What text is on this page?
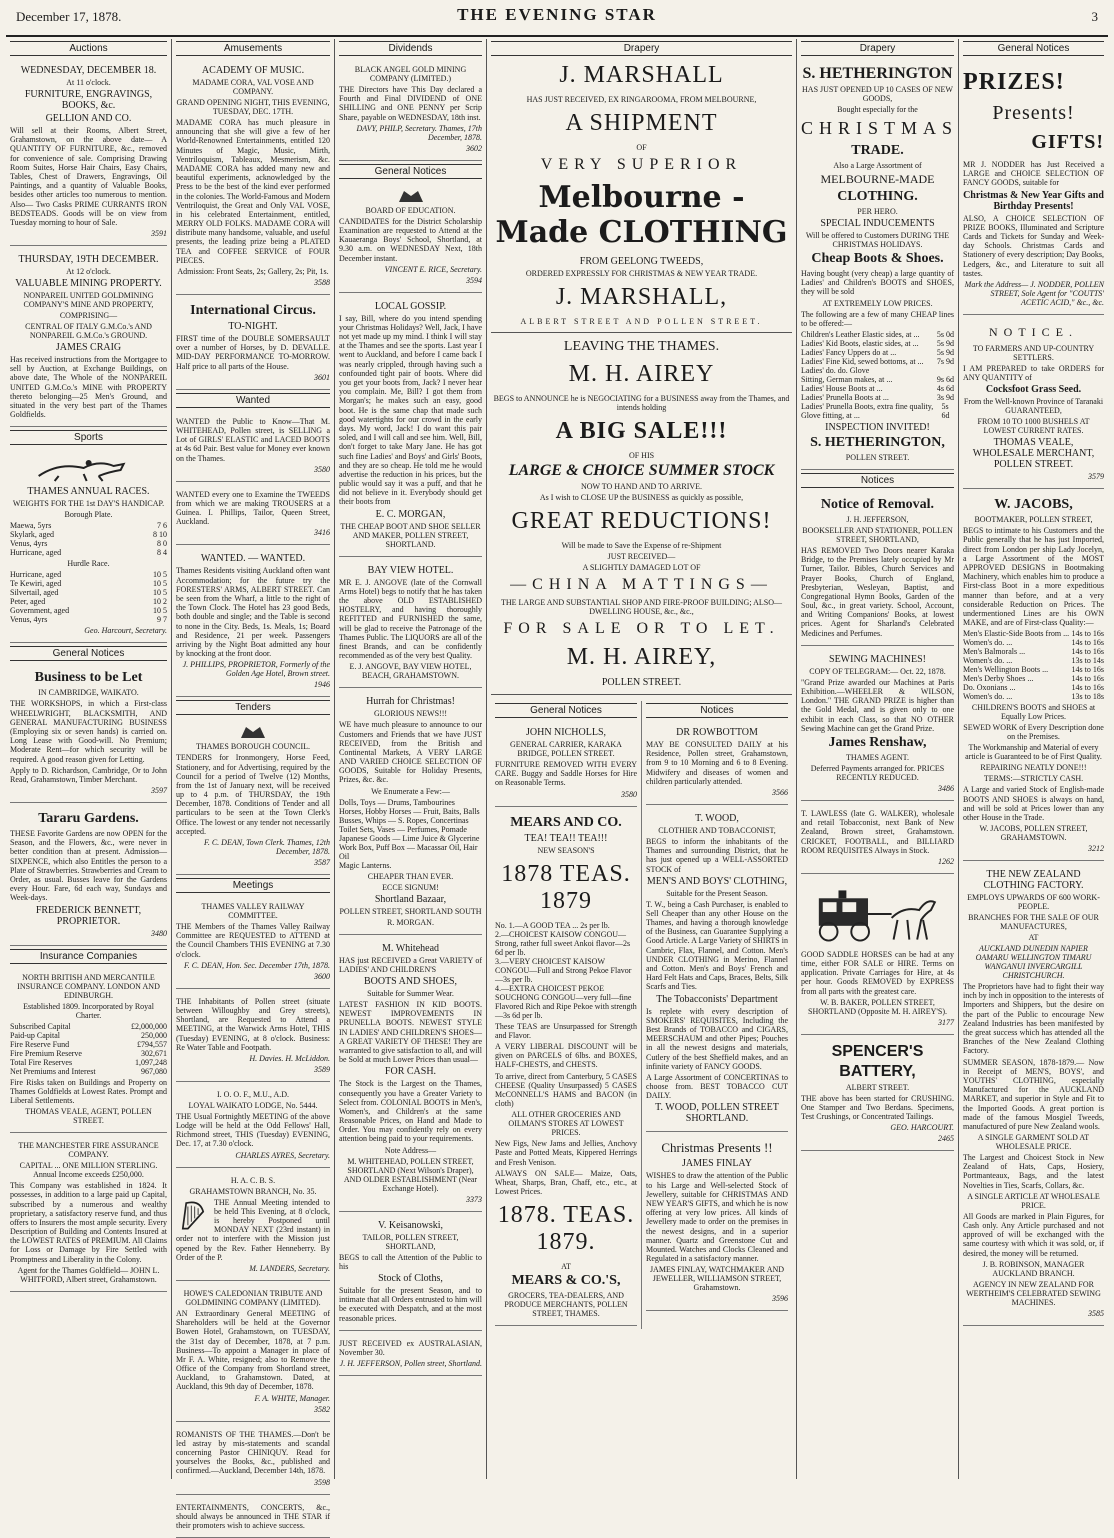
December 17, 1878.	THE EVENING STAR	3
Auctions
WEDNESDAY, DECEMBER 18.
At 11 o'clock.
FURNITURE, ENGRAVINGS, BOOKS, &c.
GELLION AND CO.

Will sell at their Rooms, Albert Street, Grahamstown, on the above date— A QUANTITY OF FURNITURE, &c., removed for convenience of sale. Comprising Drawing Room Suites, Horse Hair Chairs, Easy Chairs, Tables, Chest of Drawers, Engravings, Oil Paintings, and a quantity of Valuable Books, besides other articles too numerous to mention. Also— Two Casks PRIME CURRANTS IRON BEDSTEADS. Goods will be on view from Tuesday morning to hour of Sale.

3591
THURSDAY, 19TH DECEMBER.
At 12 o'clock.
VALUABLE MINING PROPERTY.
NONPAREIL UNITED GOLDMINING COMPANY'S MINE AND PROPERTY,
COMPRISING—
CENTRAL OF ITALY G.M.Co.'s AND NONPAREIL G.M.Co.'s GROUND.
JAMES CRAIG

Has received instructions from the Mortgagee to sell by Auction, at Exchange Buildings, on above date, The Whole of the NONPAREIL UNITED G.M.Co.'s MINE with PROPERTY thereto belonging—25 Men's Ground, and situated in the very best part of the Thames Goldfields.

Sports
THAMES ANNUAL RACES.
WEIGHTS FOR THE 1st DAY'S HANDICAP.
Borough Plate.
Maewa, 5yrs	7 6
Skylark, aged	8 10
Venus, 4yrs	8 0
Hurricane, aged	8 4
Hurdle Race.
Hurricane, aged	10 5
Te Kewiri, aged	10 5
Silvertail, aged	10 5
Peter, aged	10 2
Government, aged	10 5
Venus, 4yrs	9 7
Geo. Harcourt, Secretary.
General Notices
Business to be Let
IN CAMBRIDGE, WAIKATO.

THE WORKSHOPS, in which a First-class WHEELWRIGHT, BLACKSMITH, AND GENERAL MANUFACTURING BUSINESS (Employing six or seven hands) is carried on. Long Lease with Good-will. No Premium; Moderate Rent—for which security will be required. A good reason given for Letting.

Apply to D. Richardson, Cambridge, Or to John Read, Grahamstown, Timber Merchant.

3597
Tararu Gardens.

THESE Favorite Gardens are now OPEN for the Season, and the Flowers, &c., were never in better condition than at present. Admission—SIXPENCE, which also Entitles the person to a Plate of Strawberries. Strawberries and Cream to Order, as usual. Busses leave for the Gardens every Hour. Fare, 6d each way, Sundays and Week-days.

FREDERICK BENNETT, PROPRIETOR.
3480
Insurance Companies
NORTH BRITISH AND MERCANTILE INSURANCE COMPANY. LONDON AND EDINBURGH.
Established 1809. Incorporated by Royal Charter.
Subscribed Capital	£2,000,000
Paid-up Capital	250,000
Fire Reserve Fund	£794,557
Fire Premium Reserve	302,671
Total Fire Reserves	1,097,248
Net Premiums and Interest	967,080

Fire Risks taken on Buildings and Property on Thames Goldfields at Lowest Rates. Prompt and Liberal Settlements.

THOMAS VEALE, AGENT, POLLEN STREET.
THE MANCHESTER FIRE ASSURANCE COMPANY.
CAPITAL ... ONE MILLION STERLING. Annual Income exceeds £250,000.

This Company was established in 1824. It possesses, in addition to a large paid up Capital, subscribed by a numerous and wealthy proprietary, a satisfactory reserve fund, and thus offers to Insurers the most ample security. Every Description of Building and Contents Insured at the LOWEST RATES of PREMIUM. All Claims for Loss or Damage by Fire Settled with Promptness and Liberality in the Colony.

Agent for the Thames Goldfield— JOHN L. WHITFORD, Albert street, Grahamstown.
Amusements
ACADEMY OF MUSIC.
MADAME CORA, VAL VOSE AND COMPANY.
GRAND OPENING NIGHT, THIS EVENING, TUESDAY, DEC. 17TH.

MADAME CORA has much pleasure in announcing that she will give a few of her World-Renowned Entertainments, entitled 120 Minutes of Magic, Music, Mirth, Ventriloquism, Tableaux, Mesmerism, &c. MADAME CORA has added many new and beautiful experiments, acknowledged by the Press to be the best of the kind ever performed in the colonies. The World-Famous and Modern Ventriloquist, the Great and Only VAL VOSE, in his celebrated Entertainment, entitled, MERRY OLD FOLKS. MADAME CORA will distribute many handsome, valuable, and useful presents, the leading prize being a PLATED TEA and COFFEE SERVICE of FOUR PIECES.

Admission: Front Seats, 2s; Gallery, 2s; Pit, 1s.
3588
International Circus.
TO-NIGHT.

FIRST time of the DOUBLE SOMERSAULT over a number of Horses, by D. DEVALLE. MID-DAY PERFORMANCE TO-MORROW. Half price to all parts of the House.

3601
Wanted

WANTED the Public to Know—That M. WHITEHEAD, Pollen street, is SELLING a Lot of GIRLS' ELASTIC and LACED BOOTS at 4s 6d Pair. Best value for Money ever known on the Thames.

3580

WANTED every one to Examine the TWEEDS from which we are making TROUSERS at a Guinea. I. Phillips, Tailor, Queen Street, Auckland.

3416
WANTED. — WANTED.

Thames Residents visiting Auckland often want Accommodation; for the future try the FORESTERS' ARMS, ALBERT STREET. Can be seen from the Wharf, a little to the right of the Town Clock. The Hotel has 23 good Beds, both double and single; and the Table is second to none in the City. Beds, 1s. Meals, 1s; Board and Residence, 21 per week. Passengers arriving by the Night Boat admitted any hour by knocking at the front door.

J. PHILLIPS, PROPRIETOR, Formerly of the Golden Age Hotel, Brown street.
1946
Tenders
THAMES BOROUGH COUNCIL.

TENDERS for Ironmongery, Horse Feed, Stationery, and for Advertising, required by the Council for a period of Twelve (12) Months, from the 1st of January next, will be received up to 4 p.m. of THURSDAY, the 19th December, 1878. Conditions of Tender and all particulars to be seen at the Town Clerk's Office. The lowest or any tender not necessarily accepted.

F. C. DEAN, Town Clerk. Thames, 12th December, 1878.
3587
Meetings
THAMES VALLEY RAILWAY COMMITTEE.

THE Members of the Thames Valley Railway Committee are REQUESTED to ATTEND at the Council Chambers THIS EVENING at 7.30 o'clock.

F. C. DEAN, Hon. Sec. December 17th, 1878.
3600

THE Inhabitants of Pollen street (situate between Willoughby and Grey streets), Shortland, are Requested to Attend a MEETING, at the Warwick Arms Hotel, THIS (Tuesday) EVENING, at 8 o'clock. Business: Re Water Table and Footpath.

H. Davies. H. McLiddon.
3589
I. O. O. F., M.U., A.D.
LOYAL WAIKATO LODGE, No. 5444.

THE Usual Fortnightly MEETING of the above Lodge will be held at the Odd Fellows' Hall, Richmond street, THIS (Tuesday) EVENING, Dec. 17, at 7.30 o'clock.

CHARLES AYRES, Secretary.
H. A. C. B. S.
GRAHAMSTOWN BRANCH, No. 35.

THE Annual Meeting intended to be held This Evening, at 8 o'clock, is hereby Postponed until MONDAY NEXT (23rd instant) in order not to interfere with the Mission just opened by the Rev. Father Henneberry. By Order of the P.

M. LANDERS, Secretary.
HOWE'S CALEDONIAN TRIBUTE AND GOLDMINING COMPANY (LIMITED).

AN Extraordinary General MEETING of Shareholders will be held at the Governor Bowen Hotel, Grahamstown, on TUESDAY, the 31st day of December, 1878, at 7 p.m. Business—To appoint a Manager in place of Mr F. A. White, resigned; also to Remove the Office of the Company from Shortland street, Auckland, to Grahamstown. Dated, at Auckland, this 9th day of December, 1878.

F. A. WHITE, Manager.
3582

ROMANISTS OF THE THAMES.—Don't be led astray by mis-statements and scandal concerning Pastor CHINIQUY. Read for yourselves the Books, &c., published and confirmed.—Auckland, December 14th, 1878.

3598

ENTERTAINMENTS, CONCERTS, &c., should always be announced in THE STAR if their promoters wish to achieve success.

Dividends
BLACK ANGEL GOLD MINING COMPANY (LIMITED.)

THE Directors have This Day declared a Fourth and Final DIVIDEND of ONE SHILLING and ONE PENNY per Scrip Share, payable on WEDNESDAY, 18th inst.

DAVY, PHILP, Secretary. Thames, 17th December, 1878.
3602
General Notices
BOARD OF EDUCATION.

CANDIDATES for the District Scholarship Examination are requested to Attend at the Kauaeranga Boys' School, Shortland, at 9.30 a.m. on WEDNESDAY Next, 18th December instant.

VINCENT E. RICE, Secretary.
3594
LOCAL GOSSIP.

I say, Bill, where do you intend spending your Christmas Holidays? Well, Jack, I have not yet made up my mind. I think I will stay at the Thames and see the sports. Last year I went to Auckland, and before I came back I was nearly crippled, through having such a confounded tight pair of boots. Where did you get your boots from, Jack? I never hear you complain. Me, Bill? I got them from Morgan's; he makes such an easy, good boot. He is the same chap that made such good watertights for our crowd in the early days. My word, Jack! I do want this pair soled, and I will call and see him. Well, Bill, don't forget to take Mary Jane. He has got such fine Ladies' and Boys' and Girls' Boots, and they are so cheap. He told me he would advertise the reduction in his prices, but the public would say it was a puff, and that he did not believe in it. Everybody should get their boots from

E. C. MORGAN,
THE CHEAP BOOT AND SHOE SELLER AND MAKER, POLLEN STREET, SHORTLAND.
BAY VIEW HOTEL.

MR E. J. ANGOVE (late of the Cornwall Arms Hotel) begs to notify that he has taken the above OLD ESTABLISHED HOSTELRY, and having thoroughly REFITTED and FURNISHED the same, will be glad to receive the Patronage of the Thames Public. The LIQUORS are all of the finest Brands, and can be confidently recommended as of the very best Quality.

E. J. ANGOVE, BAY VIEW HOTEL, BEACH, GRAHAMSTOWN.
Hurrah for Christmas!
GLORIOUS NEWS!!!

WE have much pleasure to announce to our Customers and Friends that we have JUST RECEIVED, from the British and Continental Markets, A VERY LARGE AND VARIED CHOICE SELECTION OF GOODS, Suitable for Holiday Presents, Prizes, &c. &c.

We Enumerate a Few:—
Dolls, Toys — Drums, Tambourines
Horses, Hobby Horses — Fruit, Baits, Balls
Busses, Whips — S. Ropes, Concertinas
Toilet Sets, Vases — Perfumes, Pomade
Japanese Goods — Lime Juice & Glycerine
Work Box, Puff Box — Macassar Oil, Hair Oil
Magic Lanterns.
CHEAPER THAN EVER.
ECCE SIGNUM!
Shortland Bazaar,
POLLEN STREET, SHORTLAND SOUTH
R. MORGAN.
M. Whitehead

HAS just RECEIVED a Great VARIETY of LADIES' AND CHILDREN'S

BOOTS AND SHOES,
Suitable for Summer Wear.

LATEST FASHION IN KID BOOTS. NEWEST IMPROVEMENTS IN PRUNELLA BOOTS. NEWEST STYLE IN LADIES' AND CHILDREN'S SHOES—A GREAT VARIETY OF THESE! They are warranted to give satisfaction to all, and will be Sold at much Lower Prices than usual—

FOR CASH.

The Stock is the Largest on the Thames, consequently you have a Greater Variety to Select from. COLONIAL BOOTS in Men's, Women's, and Children's at the same Reasonable Prices, on Hand and Made to Order. You may confidently rely on every attention being paid to your requirements.

Note Address—
M. WHITEHEAD, POLLEN STREET, SHORTLAND (Next Wilson's Draper), AND OLDER ESTABLISHMENT (Near Exchange Hotel).
3373
V. Keisanowski,
TAILOR, POLLEN STREET, SHORTLAND,

BEGS to call the Attention of the Public to his

Stock of Cloths,

Suitable for the present Season, and to intimate that all Orders entrusted to him will be executed with Despatch, and at the most reasonable prices.

JUST RECEIVED ex AUSTRALASIAN, November 30.

J. H. JEFFERSON, Pollen street, Shortland.
Drapery
J. MARSHALL
HAS JUST RECEIVED, EX RINGAROOMA, FROM MELBOURNE,
A SHIPMENT
OF
VERY SUPERIOR
Melbourne - Made CLOTHING
FROM GEELONG TWEEDS,
ORDERED EXPRESSLY FOR CHRISTMAS & NEW YEAR TRADE.
J. MARSHALL,
ALBERT STREET AND POLLEN STREET.
LEAVING THE THAMES.
M. H. AIREY
BEGS to ANNOUNCE he is NEGOCIATING for a BUSINESS away from the Thames, and intends holding
A BIG SALE!!!
OF HIS
LARGE & CHOICE SUMMER STOCK
NOW TO HAND AND TO ARRIVE.
As I wish to CLOSE UP the BUSINESS as quickly as possible,
GREAT REDUCTIONS!
Will be made to Save the Expense of re-Shipment
JUST RECEIVED—
A SLIGHTLY DAMAGED LOT OF
—CHINA MATTINGS—
THE LARGE AND SUBSTANTIAL SHOP AND FIRE-PROOF BUILDING; ALSO—DWELLING HOUSE, &c., &c.,
FOR SALE OR TO LET.
M. H. AIREY,
POLLEN STREET.
General Notices
JOHN NICHOLLS,
GENERAL CARRIER, KARAKA BRIDGE, POLLEN STREET.

FURNITURE REMOVED WITH EVERY CARE. Buggy and Saddle Horses for Hire on Reasonable Terms.

3580
MEARS AND CO.
TEA! TEA!! TEA!!!
NEW SEASON'S
1878 TEAS. 1879
No. 1.—A GOOD TEA ... 2s per lb.
2.—CHOICEST KAISOW CONGOU—Strong, rather full sweet Ankoi flavor—2s 6d per lb.
3.—VERY CHOICEST KAISOW CONGOU—Full and Strong Pekoe Flavor—3s per lb.
4.—EXTRA CHOICEST PEKOE SOUCHONG CONGOU—very full—fine Flavored Rich and Ripe Pekoe with strength—3s 6d per lb.

These TEAS are Unsurpassed for Strength and Flavor.

A VERY LIBERAL DISCOUNT will be given on PARCELS of 6lbs. and BOXES, HALF-CHESTS, and CHESTS.

To arrive, direct from Canterbury, 5 CASES CHEESE (Quality Unsurpassed) 5 CASES McCONNELL'S HAMS and BACON (in cloth)

ALL OTHER GROCERIES AND OILMAN'S STORES AT LOWEST PRICES.

New Figs, New Jams and Jellies, Anchovy Paste and Potted Meats, Kippered Herrings and Fresh Venison.

ALWAYS ON SALE— Maize, Oats, Wheat, Sharps, Bran, Chaff, etc., etc., at Lowest Prices.

1878. TEAS. 1879.
AT
MEARS & CO.'S,
GROCERS, TEA-DEALERS, AND PRODUCE MERCHANTS, POLLEN STREET, THAMES.
Notices
DR ROWBOTTOM

MAY BE CONSULTED DAILY at his Residence, Pollen street, Grahamstown, from 9 to 10 Morning and 6 to 8 Evening. Midwifery and diseases of women and children particularly attended.

3566
T. WOOD,
CLOTHIER AND TOBACCONIST,

BEGS to inform the inhabitants of the Thames and surrounding District, that he has just opened up a WELL-ASSORTED STOCK of

MEN'S AND BOYS' CLOTHING,
Suitable for the Present Season.

T. W., being a Cash Purchaser, is enabled to Sell Cheaper than any other House on the Thames, and having a thorough knowledge of the Business, can Guarantee Supplying a Good Article. A Large Variety of SHIRTS in Cambric, Flax, Flannel, and Cotton. Men's UNDER CLOTHING in Merino, Flannel and Cotton. Men's and Boys' French and Hard Felt Hats and Caps, Braces, Belts, Silk Scarfs and Ties.

The Tobacconists' Department

Is replete with every description of SMOKERS' REQUISITES, Including the Best Brands of TOBACCO and CIGARS, MEERSCHAUM and other Pipes; Pouches in all the newest designs and materials, Cutlery of the best Sheffield makes, and an infinite variety of FANCY GOODS.

A Large Assortment of CONCERTINAS to choose from. BEST TOBACCO CUT DAILY.

T. WOOD, POLLEN STREET SHORTLAND.
Christmas Presents !!
JAMES FINLAY

WISHES to draw the attention of the Public to his Large and Well-selected Stock of Jewellery, suitable for CHRISTMAS AND NEW YEAR'S GIFTS, and which he is now offering at very low prices. All kinds of Jewellery made to order on the premises in the newest designs, and in a superior manner. Quartz and Greenstone Cut and Mounted. Watches and Clocks Cleaned and Regulated in a satisfactory manner.

JAMES FINLAY, WATCHMAKER AND JEWELLER, WILLIAMSON STREET, Grahamstown.
3596
Drapery
S. HETHERINGTON
HAS JUST OPENED UP 10 CASES OF NEW GOODS,
Bought especially for the
CHRISTMAS
TRADE.
Also a Large Assortment of
MELBOURNE-MADE
CLOTHING.
PER HERO.
SPECIAL INDUCEMENTS
Will be offered to Customers DURING THE CHRISTMAS HOLIDAYS.
Cheap Boots & Shoes.

Having bought (very cheap) a large quantity of Ladies' and Children's BOOTS and SHOES, they will be sold

AT EXTREMELY LOW PRICES.

The following are a few of many CHEAP lines to be offered:—

Children's Leather Elastic sides, at ... 5s 0d
Ladies' Kid Boots, elastic sides, at ... 5s 9d
Ladies' Fancy Uppers do at ...	5s 9d
Ladies' Fine Kid, sewed bottoms, at ... 7s 9d
Ladies' do. do. Glove
Sitting, German makes, at ...	9s 6d
Ladies' House Boots at ...	4s 6d
Ladies' Prunella Boots at ...	3s 9d
Ladies' Prunella Boots, extra fine quality, Glove fitting, at ...
5s 6d
INSPECTION INVITED!
S. HETHERINGTON,
POLLEN STREET.
Notices
Notice of Removal.
J. H. JEFFERSON,
BOOKSELLER AND STATIONER, POLLEN STREET, SHORTLAND,

HAS REMOVED Two Doors nearer Karaka Bridge, to the Premises lately occupied by Mr Turner, Tailor. Bibles, Church Services and Prayer Books, Church of England, Presbyterian, Wesleyan, Baptist, and Congregational Hymn Books, Garden of the Soul, &c., in great variety. School, Account, and Writing Companions' Books, at lowest prices. Agent for Sharland's Celebrated Medicines and Perfumes.

SEWING MACHINES!
COPY OF TELEGRAM:— Oct. 22, 1878.

"Grand Prize awarded our Machines at Paris Exhibition.—WHEELER & WILSON, London." THE GRAND PRIZE is higher than the Gold Medal, and is given only to one exhibit in each Class, so that NO OTHER Sewing Machine can get the Grand Prize.

James Renshaw,
THAMES AGENT.
Deferred Payments arranged for. PRICES RECENTLY REDUCED.
3486

T. LAWLESS (late G. WALKER), wholesale and retail Tobacconist, next Bank of New Zealand, Brown street, Grahamstown. CRICKET, FOOTBALL, and BILLIARD ROOM REQUISITES Always in Stock.

1262

GOOD SADDLE HORSES can be had at any time, either FOR SALE or HIRE. Terms on application. Private Carriages for Hire, at 4s per hour. Goods REMOVED by EXPRESS from all parts with the greatest care.

W. B. BAKER, POLLEN STREET, SHORTLAND (Opposite M. H. AIREY'S).
3177
SPENCER'S
BATTERY,
ALBERT STREET.

THE above has been started for CRUSHING. One Stamper and Two Berdans. Specimens, Test Crushings, or Concentrated Tailings.

GEO. HARCOURT.
2465
General Notices
PRIZES!
Presents!
GIFTS!

MR J. NODDER has Just Received a LARGE and CHOICE SELECTION OF FANCY GOODS, suitable for

Christmas & New Year Gifts and Birthday Presents!

ALSO, A CHOICE SELECTION OF PRIZE BOOKS, Illuminated and Scripture Cards and Tickets for Sunday and Week-day Schools. Christmas Cards and Stationery of every description; Day Books, Ledgers, &c., and Literature to suit all tastes.

Mark the Address— J. NODDER, POLLEN STREET, Sole Agent for "COUTTS' ACETIC ACID," &c., &c.
NOTICE.
TO FARMERS AND UP-COUNTRY SETTLERS.

I AM PREPARED to take ORDERS for ANY QUANTITY of

Cocksfoot Grass Seed.
From the Well-known Province of Taranaki GUARANTEED,
FROM 10 TO 1000 BUSHELS AT LOWEST CURRENT RATES.
THOMAS VEALE, WHOLESALE MERCHANT, POLLEN STREET.
3579
W. JACOBS,
BOOTMAKER, POLLEN STREET,

BEGS to intimate to his Customers and the Public generally that he has just Imported, direct from London per ship Lady Jocelyn, a Large Assortment of the MOST APPROVED DESIGNS in Bootmaking Machinery, which enables him to produce a First-class Boot in a more expeditious manner than before, and at a very considerable Reduction on Prices. The undermentioned Lines are his OWN MAKE, and are of First-class Quality:—

Men's Elastic-Side Boots from ... 14s to 16s
Women's do. ...	14s to 16s
Men's Balmorals ...	14s to 16s
Women's do. ...	13s to 14s
Men's Wellington Boots ...	14s to 16s
Men's Derby Shoes ...	14s to 16s
Do. Oxonians ...	14s to 16s
Women's do. ...	13s to 18s
CHILDREN'S BOOTS and SHOES at Equally Low Prices.
SEWED WORK of Every Description done on the Premises.
The Workmanship and Material of every article is Guaranteed to be of First Quality.
REPAIRING NEATLY DONE!!!
TERMS:—STRICTLY CASH.

A Large and varied Stock of English-made BOOTS AND SHOES is always on hand, and will be sold at Prices lower than any other House in the Trade.

W. JACOBS, POLLEN STREET, GRAHAMSTOWN.
3212
THE NEW ZEALAND CLOTHING FACTORY.
EMPLOYS UPWARDS OF 600 WORK-PEOPLE.
BRANCHES FOR THE SALE OF OUR MANUFACTURES,
AT
AUCKLAND DUNEDIN NAPIER OAMARU WELLINGTON TIMARU WANGANUI INVERCARGILL CHRISTCHURCH.

The Proprietors have had to fight their way inch by inch in opposition to the interests of Importers and Shippers, but the desire on the part of the Public to encourage New Zealand Industries has been manifested by the great success which has attended all the Branches of the New Zealand Clothing Factory.

SUMMER SEASON, 1878-1879.— Now in Receipt of MEN'S, BOYS', and YOUTHS' CLOTHING, especially Manufactured for the AUCKLAND MARKET, and superior in Style and Fit to the Imported Goods. A great portion is made of the famous Mosgiel Tweeds, manufactured of pure New Zealand wools.

A SINGLE GARMENT SOLD AT WHOLESALE PRICE.

The Largest and Choicest Stock in New Zealand of Hats, Caps, Hosiery, Portmanteaux, Bags, and the latest Novelties in Ties, Scarfs, Collars, &c.

A SINGLE ARTICLE AT WHOLESALE PRICE.

All Goods are marked in Plain Figures, for Cash only. Any Article purchased and not approved of will be exchanged with the same courtesy with which it was sold, or, if desired, the money will be returned.

J. B. ROBINSON, MANAGER AUCKLAND BRANCH.
AGENCY IN NEW ZEALAND FOR WERTHEIM'S CELEBRATED SEWING MACHINES.
3585
